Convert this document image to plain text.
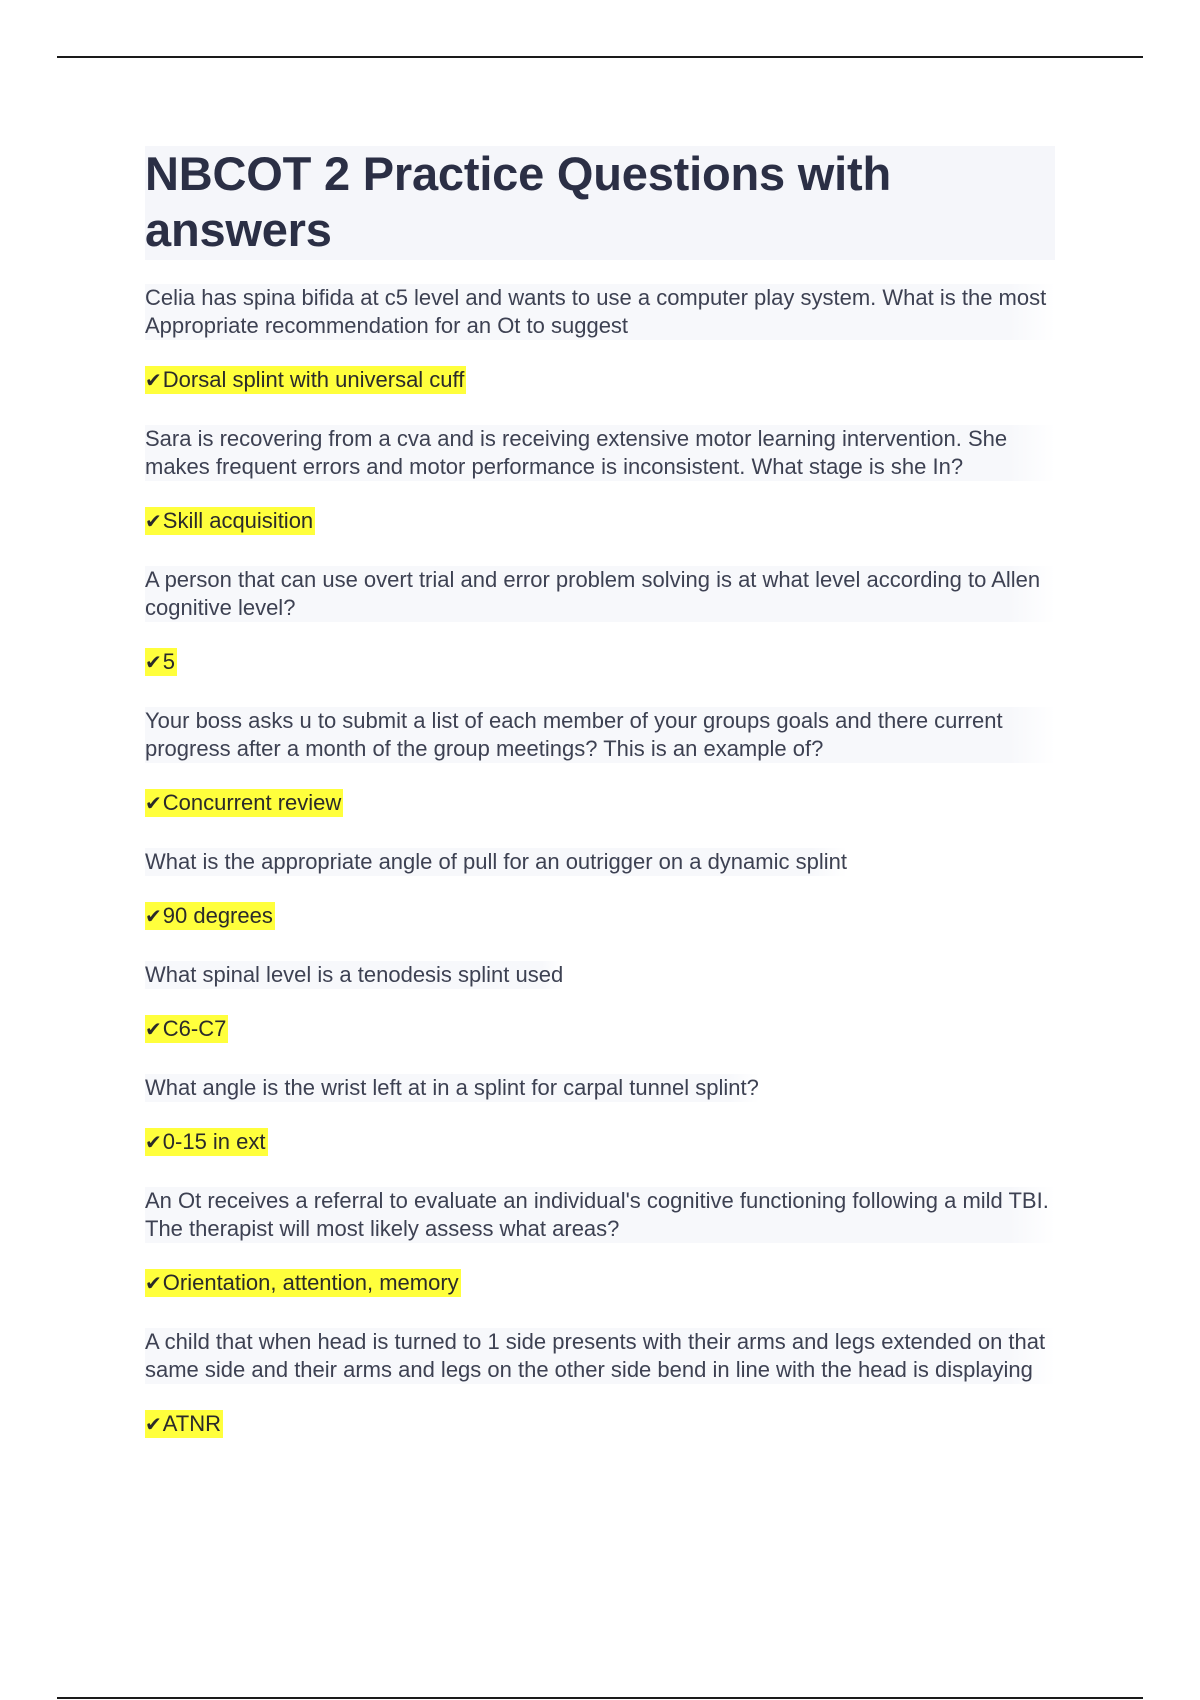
NBCOT 2 Practice Questions with answers

Celia has spina bifida at c5 level and wants to use a computer play system. What is the most Appropriate recommendation for an Ot to suggest

✔Dorsal splint with universal cuff

Sara is recovering from a cva and is receiving extensive motor learning intervention. She makes frequent errors and motor performance is inconsistent. What stage is she In?

✔Skill acquisition

A person that can use overt trial and error problem solving is at what level according to Allen cognitive level?

✔5

Your boss asks u to submit a list of each member of your groups goals and there current progress after a month of the group meetings? This is an example of?

✔Concurrent review

What is the appropriate angle of pull for an outrigger on a dynamic splint

✔90 degrees

What spinal level is a tenodesis splint used

✔C6-C7

What angle is the wrist left at in a splint for carpal tunnel splint?

✔0-15 in ext

An Ot receives a referral to evaluate an individual's cognitive functioning following a mild TBI. The therapist will most likely assess what areas?

✔Orientation, attention, memory

A child that when head is turned to 1 side presents with their arms and legs extended on that same side and their arms and legs on the other side bend in line with the head is displaying

✔ATNR
